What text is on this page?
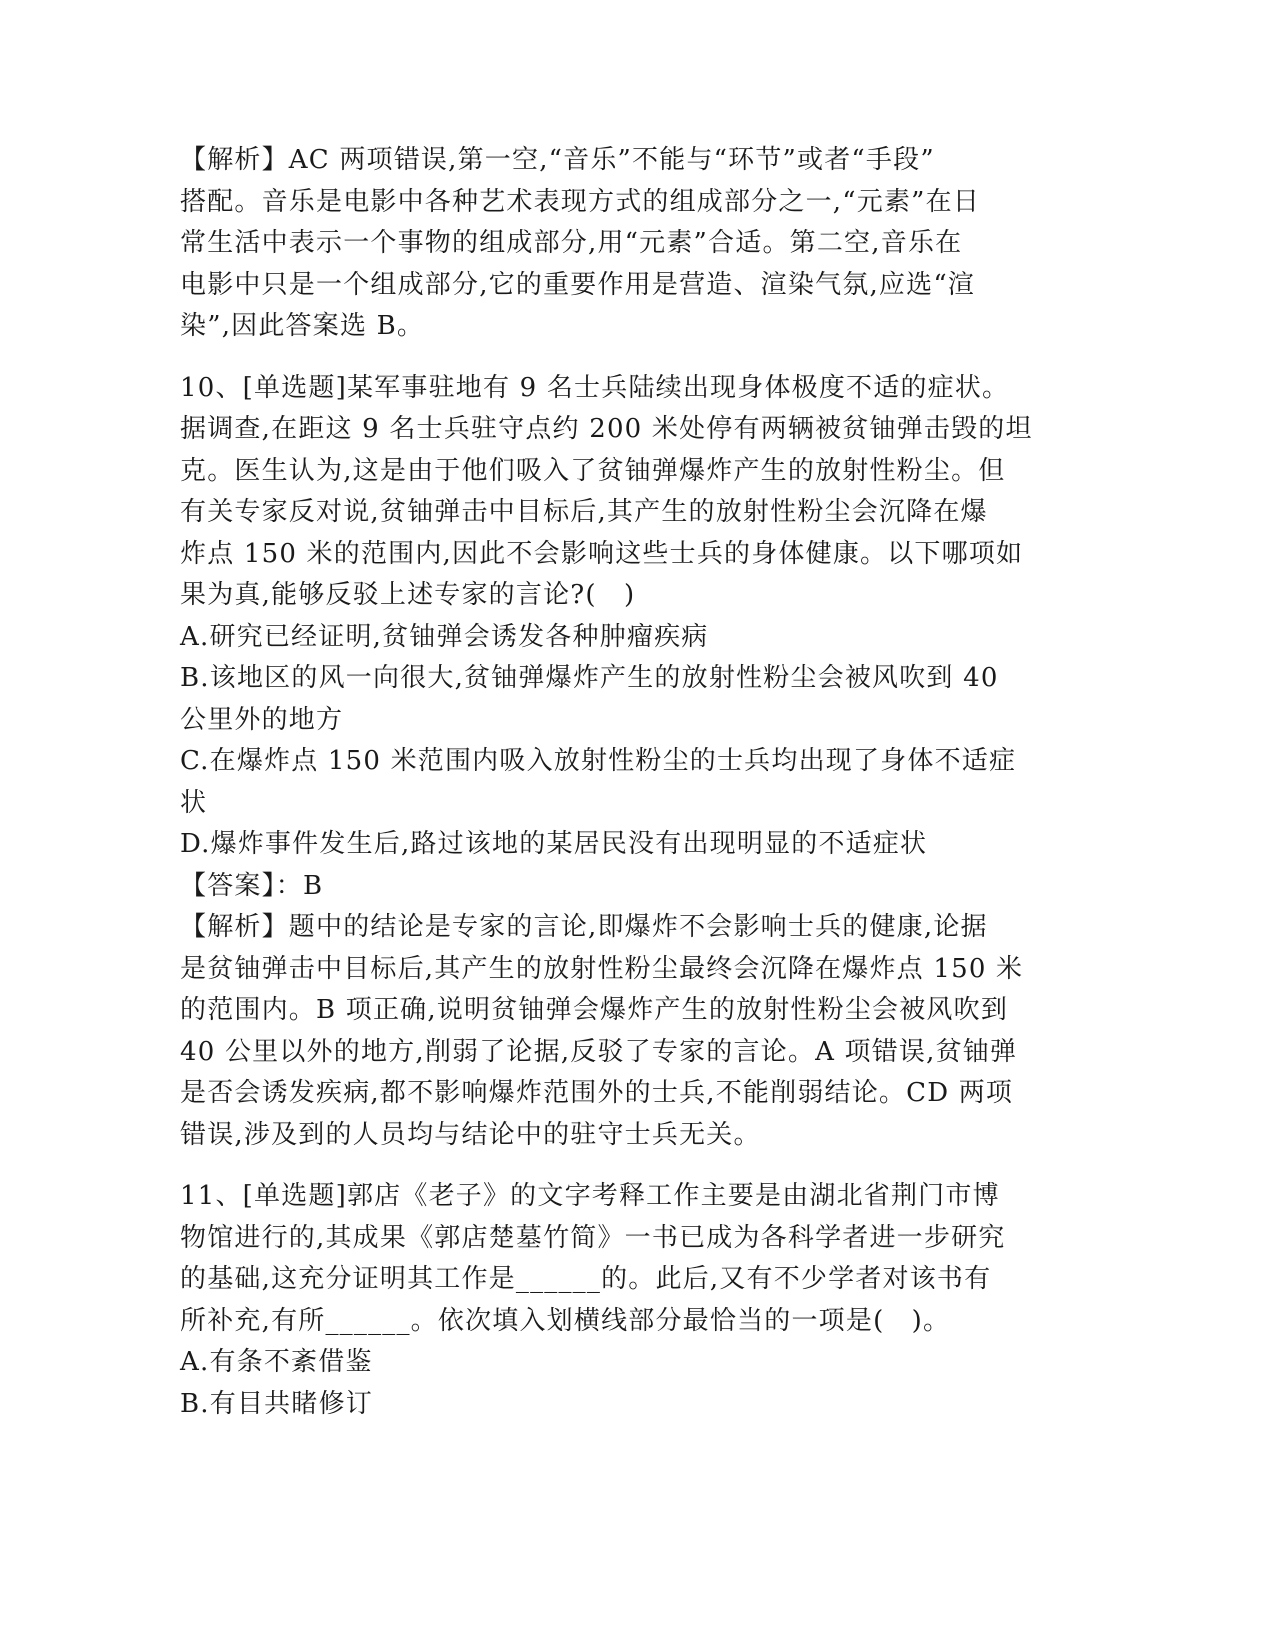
【解析】AC 两项错误,第一空,“音乐”不能与“环节”或者“手段”
搭配。音乐是电影中各种艺术表现方式的组成部分之一,“元素”在日
常生活中表示一个事物的组成部分,用“元素”合适。第二空,音乐在
电影中只是一个组成部分,它的重要作用是营造、渲染气氛,应选“渲
染”,因此答案选 B。
10、[单选题]某军事驻地有 9 名士兵陆续出现身体极度不适的症状。
据调查,在距这 9 名士兵驻守点约 200 米处停有两辆被贫铀弹击毁的坦
克。医生认为,这是由于他们吸入了贫铀弹爆炸产生的放射性粉尘。但
有关专家反对说,贫铀弹击中目标后,其产生的放射性粉尘会沉降在爆
炸点 150 米的范围内,因此不会影响这些士兵的身体健康。以下哪项如
果为真,能够反驳上述专家的言论?(　)
A.研究已经证明,贫铀弹会诱发各种肿瘤疾病
B.该地区的风一向很大,贫铀弹爆炸产生的放射性粉尘会被风吹到 40
公里外的地方
C.在爆炸点 150 米范围内吸入放射性粉尘的士兵均出现了身体不适症
状
D.爆炸事件发生后,路过该地的某居民没有出现明显的不适症状
【答案】：B
【解析】题中的结论是专家的言论,即爆炸不会影响士兵的健康,论据
是贫铀弹击中目标后,其产生的放射性粉尘最终会沉降在爆炸点 150 米
的范围内。B 项正确,说明贫铀弹会爆炸产生的放射性粉尘会被风吹到
40 公里以外的地方,削弱了论据,反驳了专家的言论。A 项错误,贫铀弹
是否会诱发疾病,都不影响爆炸范围外的士兵,不能削弱结论。CD 两项
错误,涉及到的人员均与结论中的驻守士兵无关。
11、[单选题]郭店《老子》的文字考释工作主要是由湖北省荆门市博
物馆进行的,其成果《郭店楚墓竹简》一书已成为各科学者进一步研究
的基础,这充分证明其工作是______的。此后,又有不少学者对该书有
所补充,有所______。依次填入划横线部分最恰当的一项是(　)。
A.有条不紊借鉴
B.有目共睹修订
